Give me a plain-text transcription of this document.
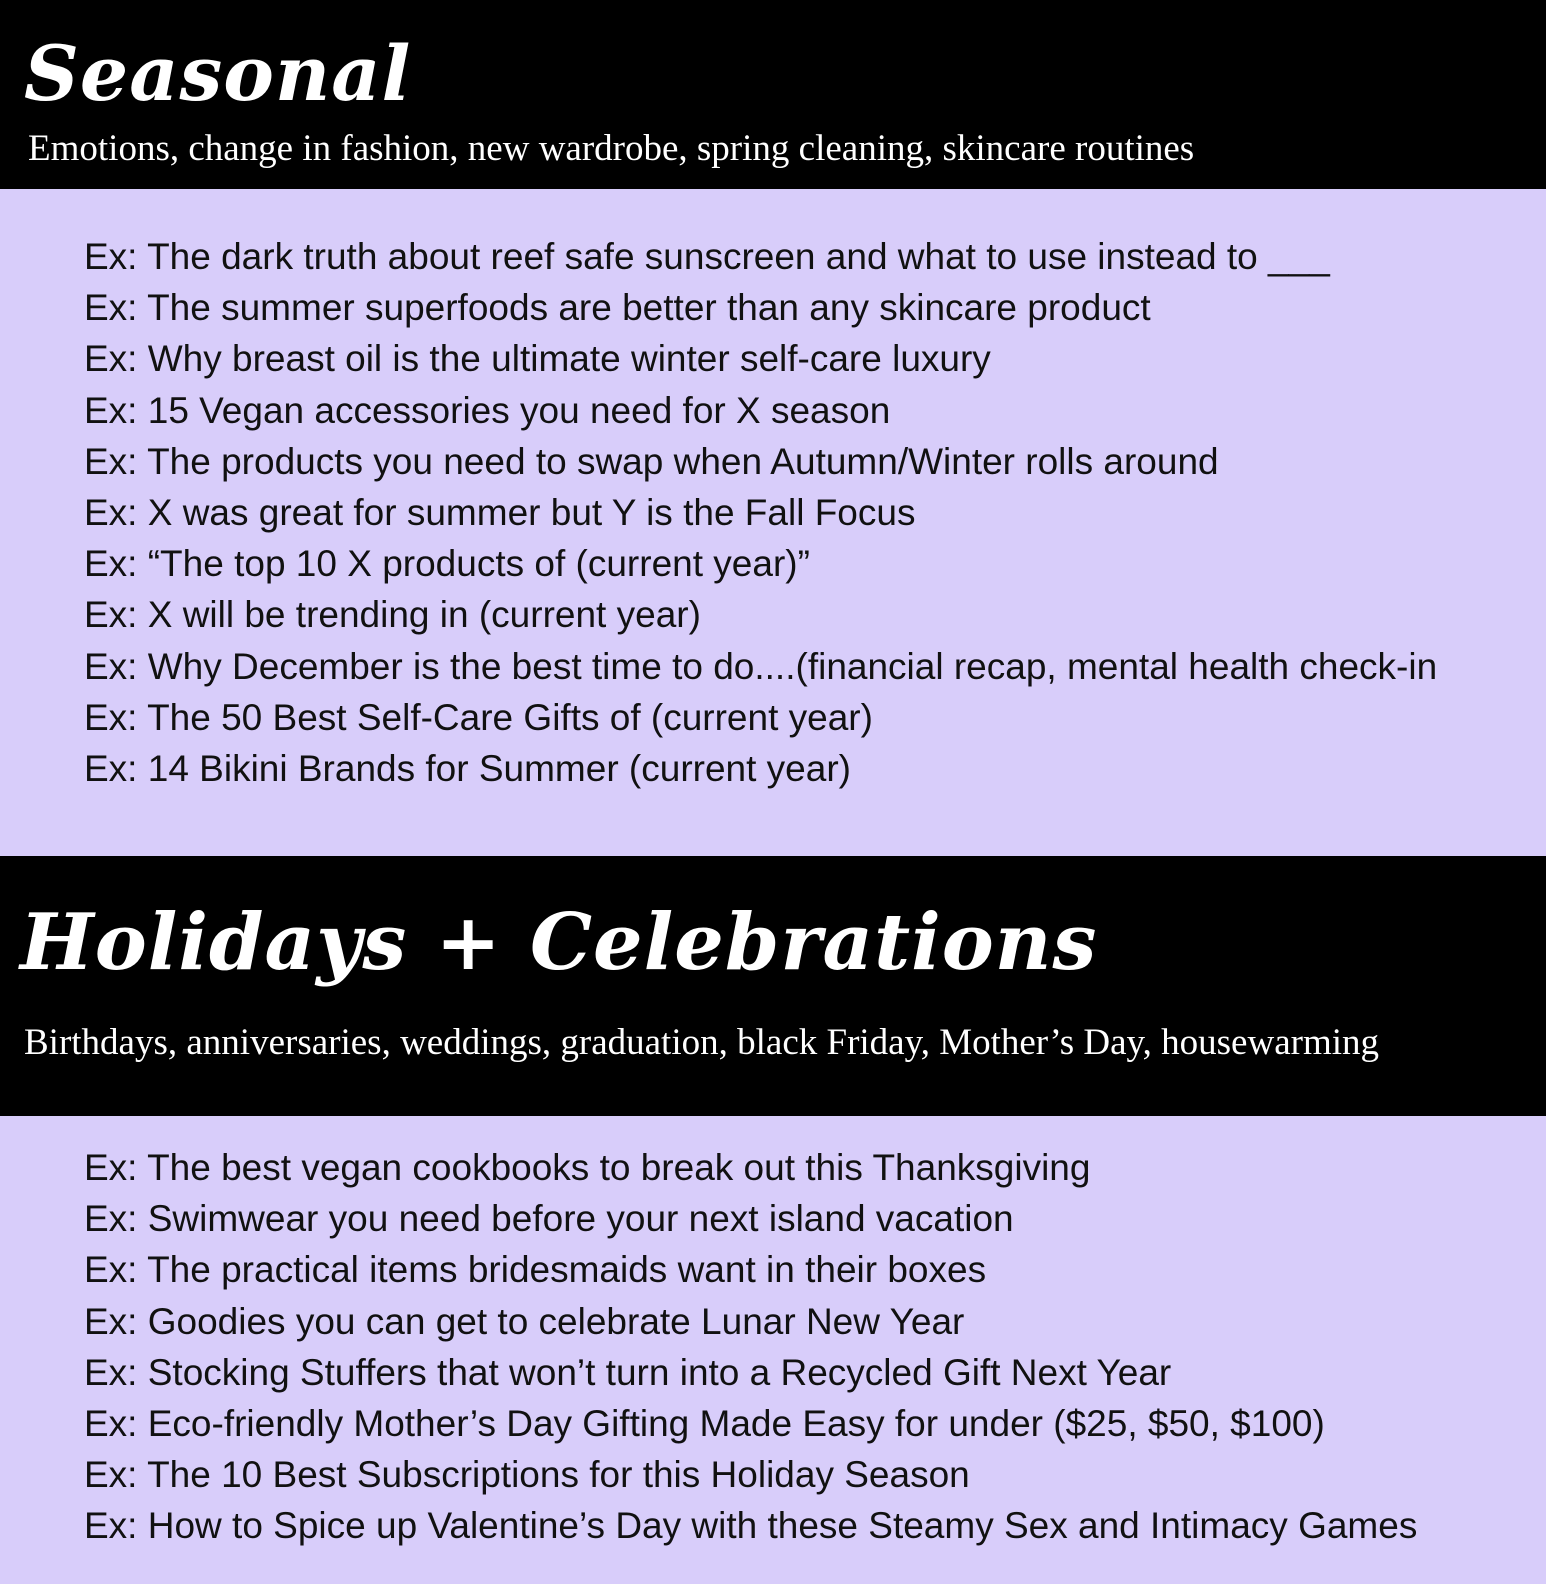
Seasonal

Emotions, change in fashion, new wardrobe, spring cleaning, skincare routines

Ex: The dark truth about reef safe sunscreen and what to use instead to ___
Ex: The summer superfoods are better than any skincare product
Ex: Why breast oil is the ultimate winter self-care luxury
Ex: 15 Vegan accessories you need for X season
Ex: The products you need to swap when Autumn/Winter rolls around
Ex: X was great for summer but Y is the Fall Focus
Ex: “The top 10 X products of (current year)”
Ex: X will be trending in (current year)
Ex: Why December is the best time to do....(financial recap, mental health check-in
Ex: The 50 Best Self-Care Gifts of (current year)
Ex: 14 Bikini Brands for Summer (current year)
Holidays + Celebrations

Birthdays, anniversaries, weddings, graduation, black Friday, Mother’s Day, housewarming

Ex: The best vegan cookbooks to break out this Thanksgiving
Ex: Swimwear you need before your next island vacation
Ex: The practical items bridesmaids want in their boxes
Ex: Goodies you can get to celebrate Lunar New Year
Ex: Stocking Stuffers that won’t turn into a Recycled Gift Next Year
Ex: Eco-friendly Mother’s Day Gifting Made Easy for under ($25, $50, $100)
Ex: The 10 Best Subscriptions for this Holiday Season
Ex: How to Spice up Valentine’s Day with these Steamy Sex and Intimacy Games
